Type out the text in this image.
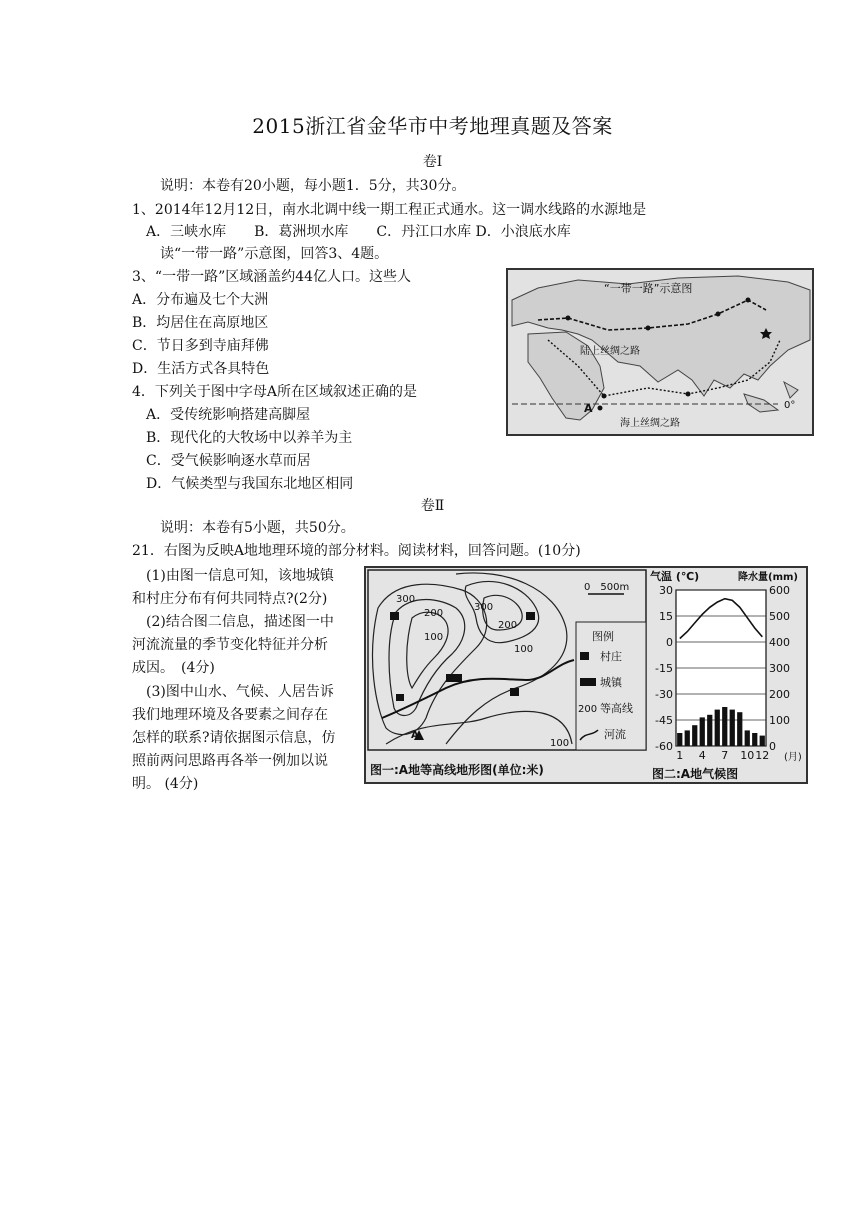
2015浙江省金华市中考地理真题及答案
卷Ⅰ
说明：本卷有20小题，每小题1．5分，共30分。
1、2014年12月12日，南水北调中线一期工程正式通水。这一调水线路的水源地是
A．三峡水库　　B．葛洲坝水库　　C．丹江口水库 D．小浪底水库
读“一带一路”示意图，回答3、4题。
3、“一带一路”区域涵盖约44亿人口。这些人
A．分布遍及七个大洲
B．均居住在高原地区
C．节日多到寺庙拜佛
D．生活方式各具特色
4．下列关于图中字母A所在区域叙述正确的是
A．受传统影响搭建高脚屋
B．现代化的大牧场中以养羊为主
C．受气候影响逐水草而居
D．气候类型与我国东北地区相同
卷Ⅱ
说明：本卷有5小题，共50分。
21．右图为反映A地地理环境的部分材料。阅读材料，回答问题。(10分)
(1)由图一信息可知，该地城镇
和村庄分布有何共同特点?(2分)
(2)结合图二信息，描述图一中
河流流量的季节变化特征并分析
成因。　(4分)
(3)图中山水、气候、人居告诉
我们地理环境及各要素之间存在
怎样的联系?请依据图示信息，仿
照前两问思路再各举一例加以说
明。 (4分)
“一带一路”示意图
陆上丝绸之路
海上丝绸之路
A	0°
300
200
100
300
200
100
100
A
0　500m
图例
村庄
城镇
200 等高线
河流
图一:A地等高线地形图(单位:米)
气温 (℃)	降水量(mm)
(月)
图二:A地气候图
30
15
0
-15
-30
-45
-60
600
500
400
300
200
100
0
1 4 7 10 12
